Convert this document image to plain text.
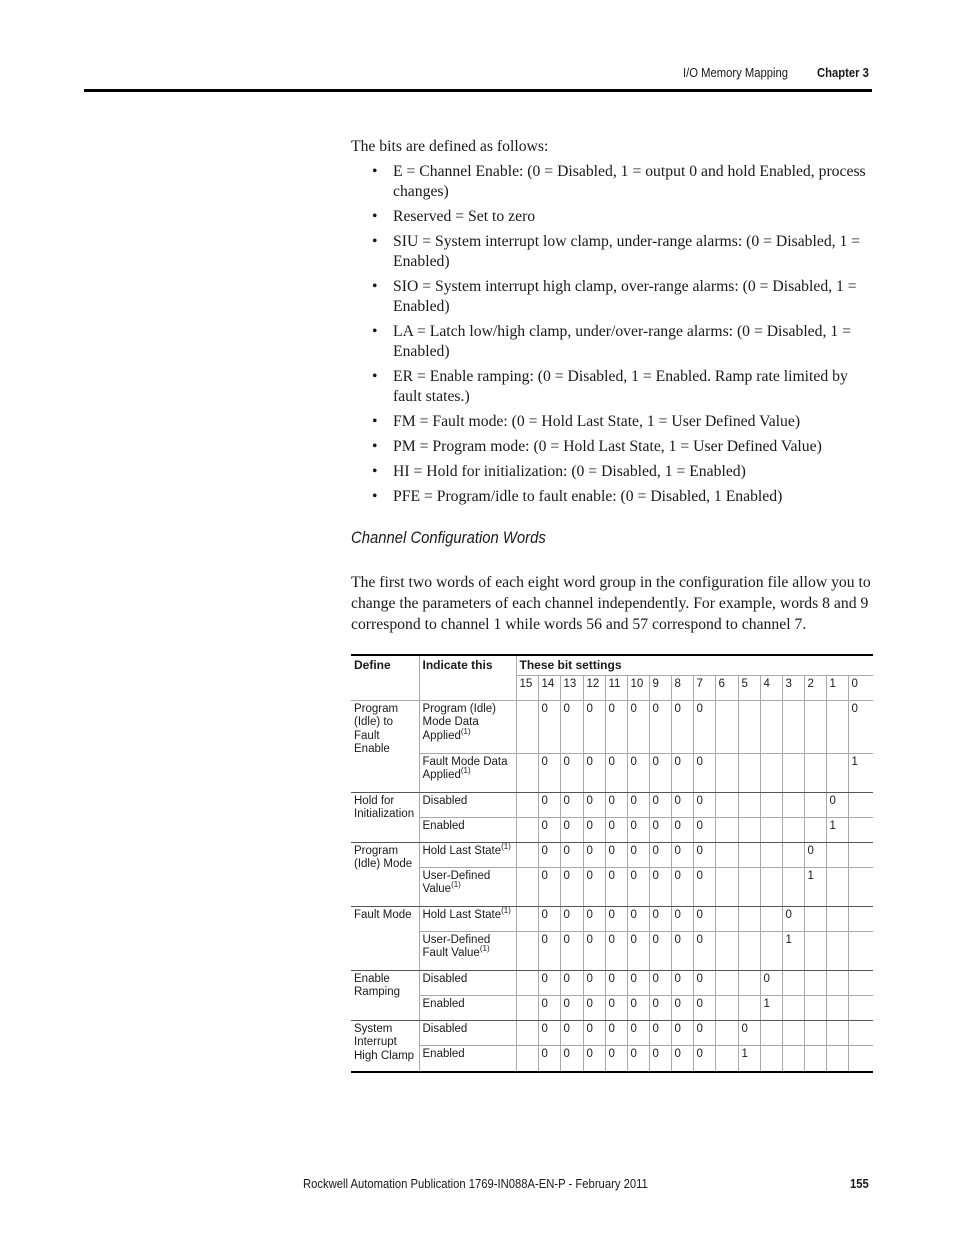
I/O Memory Mapping Chapter 3
The bits are defined as follows:
• E = Channel Enable: (0 = Disabled, 1 = output 0 and hold Enabled, process changes)
• Reserved = Set to zero
• SIU = System interrupt low clamp, under-range alarms: (0 = Disabled, 1 = Enabled)
• SIO = System interrupt high clamp, over-range alarms: (0 = Disabled, 1 = Enabled)
• LA = Latch low/high clamp, under/over-range alarms: (0 = Disabled, 1 = Enabled)
• ER = Enable ramping: (0 = Disabled, 1 = Enabled. Ramp rate limited by fault states.)
• FM = Fault mode: (0 = Hold Last State, 1 = User Defined Value)
• PM = Program mode: (0 = Hold Last State, 1 = User Defined Value)
• HI = Hold for initialization: (0 = Disabled, 1 = Enabled)
• PFE = Program/idle to fault enable: (0 = Disabled, 1 Enabled)
Channel Configuration Words
The first two words of each eight word group in the configuration file allow you to change the parameters of each channel independently. For example, words 8 and 9 correspond to channel 1 while words 56 and 57 correspond to channel 7.
Define	Indicate this	These bit settings															
		15	14	13	12	11	10	9	8	7	6	5	4	3	2	1	0
Program (Idle) to Fault Enable	Program (Idle) Mode Data Applied$^{(1)}$		0	0	0	0	0	0	0	0							0
	Fault Mode Data Applied$^{(1)}$		0	0	0	0	0	0	0	0							1
Hold for Initialization	Disabled		0	0	0	0	0	0	0	0						0	
	Enabled		0	0	0	0	0	0	0	0						1	
Program (Idle) Mode	Hold Last State$^{(1)}$		0	0	0	0	0	0	0	0					0		
	User-Defined Value$^{(1)}$		0	0	0	0	0	0	0	0					1		
Fault Mode	Hold Last State$^{(1)}$		0	0	0	0	0	0	0	0				0			
	User-Defined Fault Value$^{(1)}$		0	0	0	0	0	0	0	0				1			
Enable Ramping	Disabled		0	0	0	0	0	0	0	0			0				
	Enabled		0	0	0	0	0	0	0	0			1				
System Interrupt High Clamp	Disabled		0	0	0	0	0	0	0	0		0					
	Enabled		0	0	0	0	0	0	0	0		1					
Rockwell Automation Publication 1769-IN088A-EN-P - February 2011	155
